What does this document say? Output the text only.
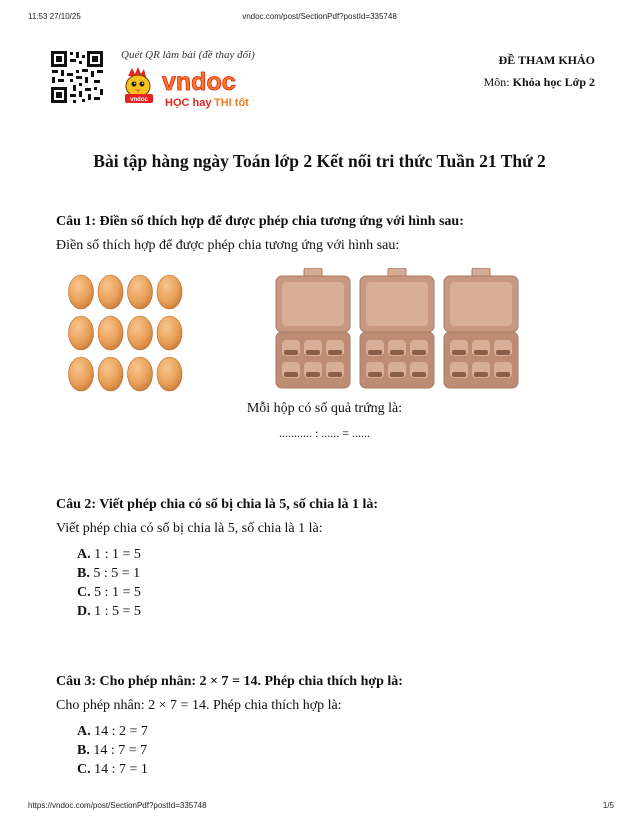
11:53 27/10/25	vndoc.com/post/SectionPdf?postId=335748
Quét QR làm bài (đề thay đổi)
vndoc
vndoc
HỌC hay THI tốt
ĐỀ THAM KHẢO
Môn: Khóa học Lớp 2
Bài tập hàng ngày Toán lớp 2 Kết nối tri thức Tuần 21 Thứ 2
Câu 1: Điền số thích hợp để được phép chia tương ứng với hình sau:
Điền số thích hợp để được phép chia tương ứng với hình sau:
Mỗi hộp có số quả trứng là:
........... : ...... = ......
Câu 2: Viết phép chia có số bị chia là 5, số chia là 1 là:
Viết phép chia có số bị chia là 5, số chia là 1 là:
A. 1 : 1 = 5
B. 5 : 5 = 1
C. 5 : 1 = 5
D. 1 : 5 = 5
Câu 3: Cho phép nhân: 2 × 7 = 14. Phép chia thích hợp là:
Cho phép nhân: 2 × 7 = 14. Phép chia thích hợp là:
A. 14 : 2 = 7
B. 14 : 7 = 7
C. 14 : 7 = 1
https://vndoc.com/post/SectionPdf?postId=335748	1/5
